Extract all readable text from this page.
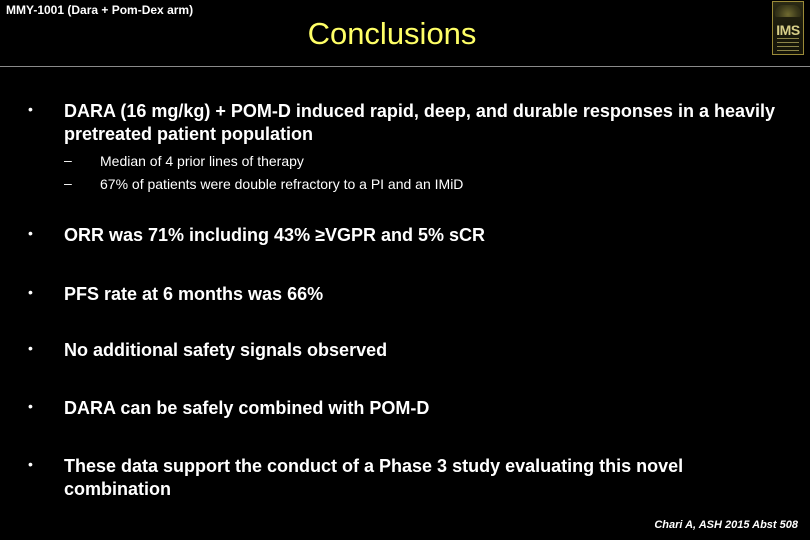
MMY-1001 (Dara + Pom-Dex arm)
Conclusions	IMS
• DARA (16 mg/kg) + POM-D induced rapid, deep, and durable responses in a heavily pretreated patient population
– Median of 4 prior lines of therapy
– 67% of patients were double refractory to a PI and an IMiD
• ORR was 71% including 43% ≥VGPR and 5% sCR
• PFS rate at 6 months was 66%
• No additional safety signals observed
• DARA can be safely combined with POM-D
• These data support the conduct of a Phase 3 study evaluating this novel combination
Chari A, ASH 2015 Abst 508
